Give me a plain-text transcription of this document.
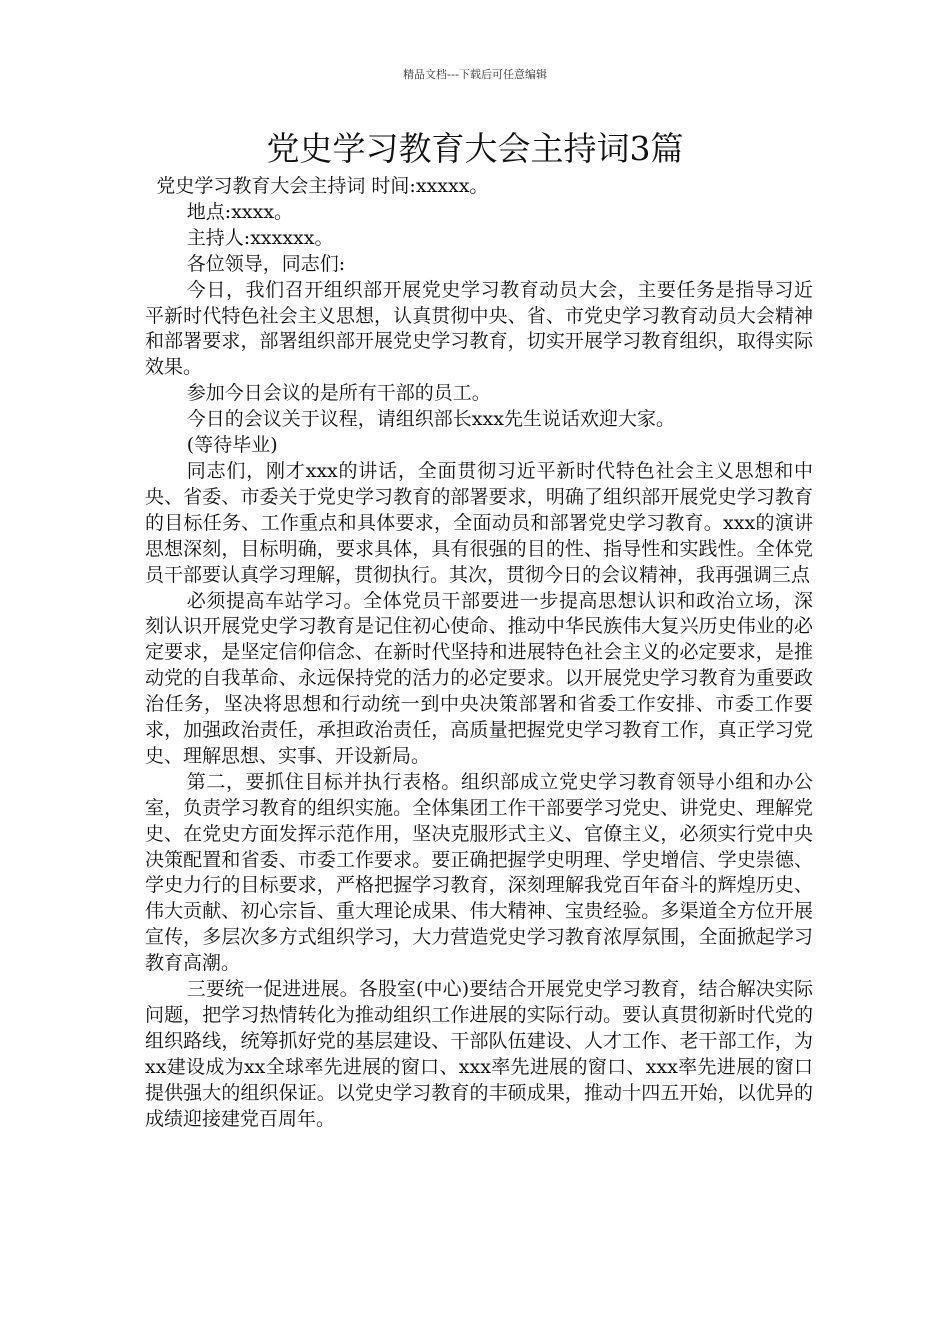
精品文档---下载后可任意编辑
党史学习教育大会主持词3篇

党史学习教育大会主持词 时间:xxxxx。

地点:xxxx。

主持人:xxxxxx。

各位领导，同志们:

今日，我们召开组织部开展党史学习教育动员大会，主要任务是指导习近平新时代特色社会主义思想，认真贯彻中央、省、市党史学习教育动员大会精神和部署要求，部署组织部开展党史学习教育，切实开展学习教育组织，取得实际效果。

参加今日会议的是所有干部的员工。

今日的会议关于议程，请组织部长xxx先生说话欢迎大家。

(等待毕业)

同志们，刚才xxx的讲话，全面贯彻习近平新时代特色社会主义思想和中央、省委、市委关于党史学习教育的部署要求，明确了组织部开展党史学习教育的目标任务、工作重点和具体要求，全面动员和部署党史学习教育。xxx的演讲思想深刻，目标明确，要求具体，具有很强的目的性、指导性和实践性。全体党员干部要认真学习理解，贯彻执行。其次，贯彻今日的会议精神，我再强调三点

必须提高车站学习。全体党员干部要进一步提高思想认识和政治立场，深刻认识开展党史学习教育是记住初心使命、推动中华民族伟大复兴历史伟业的必定要求，是坚定信仰信念、在新时代坚持和进展特色社会主义的必定要求，是推动党的自我革命、永远保持党的活力的必定要求。以开展党史学习教育为重要政治任务，坚决将思想和行动统一到中央决策部署和省委工作安排、市委工作要求，加强政治责任，承担政治责任，高质量把握党史学习教育工作，真正学习党史、理解思想、实事、开设新局。

第二，要抓住目标并执行表格。组织部成立党史学习教育领导小组和办公室，负责学习教育的组织实施。全体集团工作干部要学习党史、讲党史、理解党史、在党史方面发挥示范作用，坚决克服形式主义、官僚主义，必须实行党中央决策配置和省委、市委工作要求。要正确把握学史明理、学史增信、学史崇德、学史力行的目标要求，严格把握学习教育，深刻理解我党百年奋斗的辉煌历史、伟大贡献、初心宗旨、重大理论成果、伟大精神、宝贵经验。多渠道全方位开展宣传，多层次多方式组织学习，大力营造党史学习教育浓厚氛围，全面掀起学习教育高潮。

三要统一促进进展。各股室(中心)要结合开展党史学习教育，结合解决实际问题，把学习热情转化为推动组织工作进展的实际行动。要认真贯彻新时代党的组织路线，统筹抓好党的基层建设、干部队伍建设、人才工作、老干部工作，为xx建设成为xx全球率先进展的窗口、xxx率先进展的窗口、xxx率先进展的窗口提供强大的组织保证。以党史学习教育的丰硕成果，推动十四五开始，以优异的成绩迎接建党百周年。
